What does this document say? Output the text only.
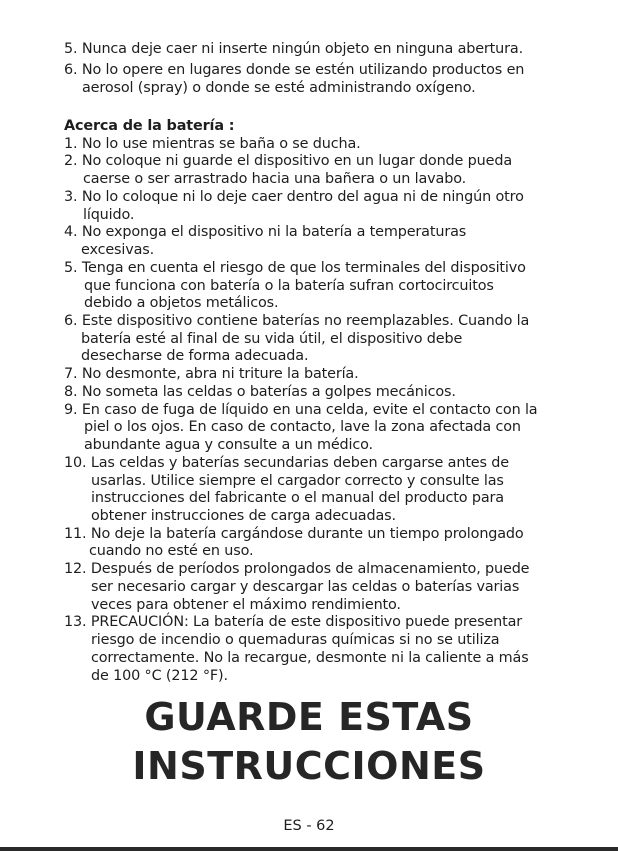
5. Nunca deje caer ni inserte ningún objeto en ninguna abertura.
6. No lo opere en lugares donde se estén utilizando productos en
aerosol (spray) o donde se esté administrando oxígeno.
Acerca de la batería :
1. No lo use mientras se baña o se ducha.
2. No coloque ni guarde el dispositivo en un lugar donde pueda
caerse o ser arrastrado hacia una bañera o un lavabo.
3. No lo coloque ni lo deje caer dentro del agua ni de ningún otro
líquido.
4. No exponga el dispositivo ni la batería a temperaturas
excesivas.
5. Tenga en cuenta el riesgo de que los terminales del dispositivo
que funciona con batería o la batería sufran cortocircuitos
debido a objetos metálicos.
6. Este dispositivo contiene baterías no reemplazables. Cuando la
batería esté al final de su vida útil, el dispositivo debe
desecharse de forma adecuada.
7. No desmonte, abra ni triture la batería.
8. No someta las celdas o baterías a golpes mecánicos.
9. En caso de fuga de líquido en una celda, evite el contacto con la
piel o los ojos. En caso de contacto, lave la zona afectada con
abundante agua y consulte a un médico.
10. Las celdas y baterías secundarias deben cargarse antes de
usarlas. Utilice siempre el cargador correcto y consulte las
instrucciones del fabricante o el manual del producto para
obtener instrucciones de carga adecuadas.
11. No deje la batería cargándose durante un tiempo prolongado
cuando no esté en uso.
12. Después de períodos prolongados de almacenamiento, puede
ser necesario cargar y descargar las celdas o baterías varias
veces para obtener el máximo rendimiento.
13. PRECAUCIÓN: La batería de este dispositivo puede presentar
riesgo de incendio o quemaduras químicas si no se utiliza
correctamente. No la recargue, desmonte ni la caliente a más
de 100 °C (212 °F).
GUARDE ESTAS
INSTRUCCIONES
ES - 62
